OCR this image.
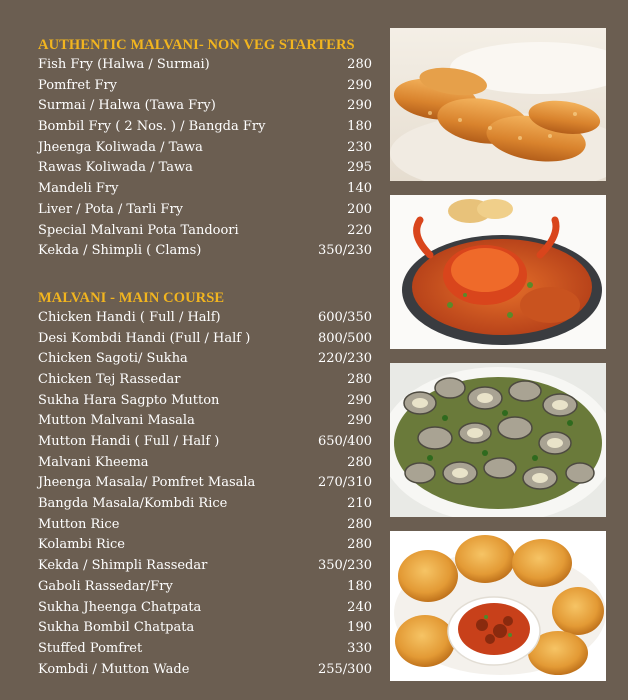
AUTHENTIC MALVANI- NON VEG STARTERS
Fish Fry (Halwa / Surmai)	280
Pomfret Fry	290
Surmai / Halwa (Tawa Fry)	290
Bombil Fry ( 2 Nos. ) / Bangda Fry	180
Jheenga Koliwada / Tawa	230
Rawas Koliwada / Tawa	295
Mandeli Fry	140
Liver / Pota / Tarli Fry	200
Special Malvani Pota Tandoori	220
Kekda / Shimpli ( Clams)	350/230
MALVANI - MAIN COURSE
Chicken Handi ( Full / Half)	600/350
Desi Kombdi Handi (Full / Half )	800/500
Chicken Sagoti/ Sukha	220/230
Chicken Tej Rassedar	280
Sukha Hara Sagpto Mutton	290
Mutton Malvani Masala	290
Mutton Handi ( Full / Half )	650/400
Malvani Kheema	280
Jheenga Masala/ Pomfret Masala	270/310
Bangda Masala/Kombdi Rice	210
Mutton Rice	280
Kolambi Rice	280
Kekda / Shimpli Rassedar	350/230
Gaboli Rassedar/Fry	180
Sukha Jheenga Chatpata	240
Sukha Bombil Chatpata	190
Stuffed Pomfret	330
Kombdi / Mutton Wade	255/300
